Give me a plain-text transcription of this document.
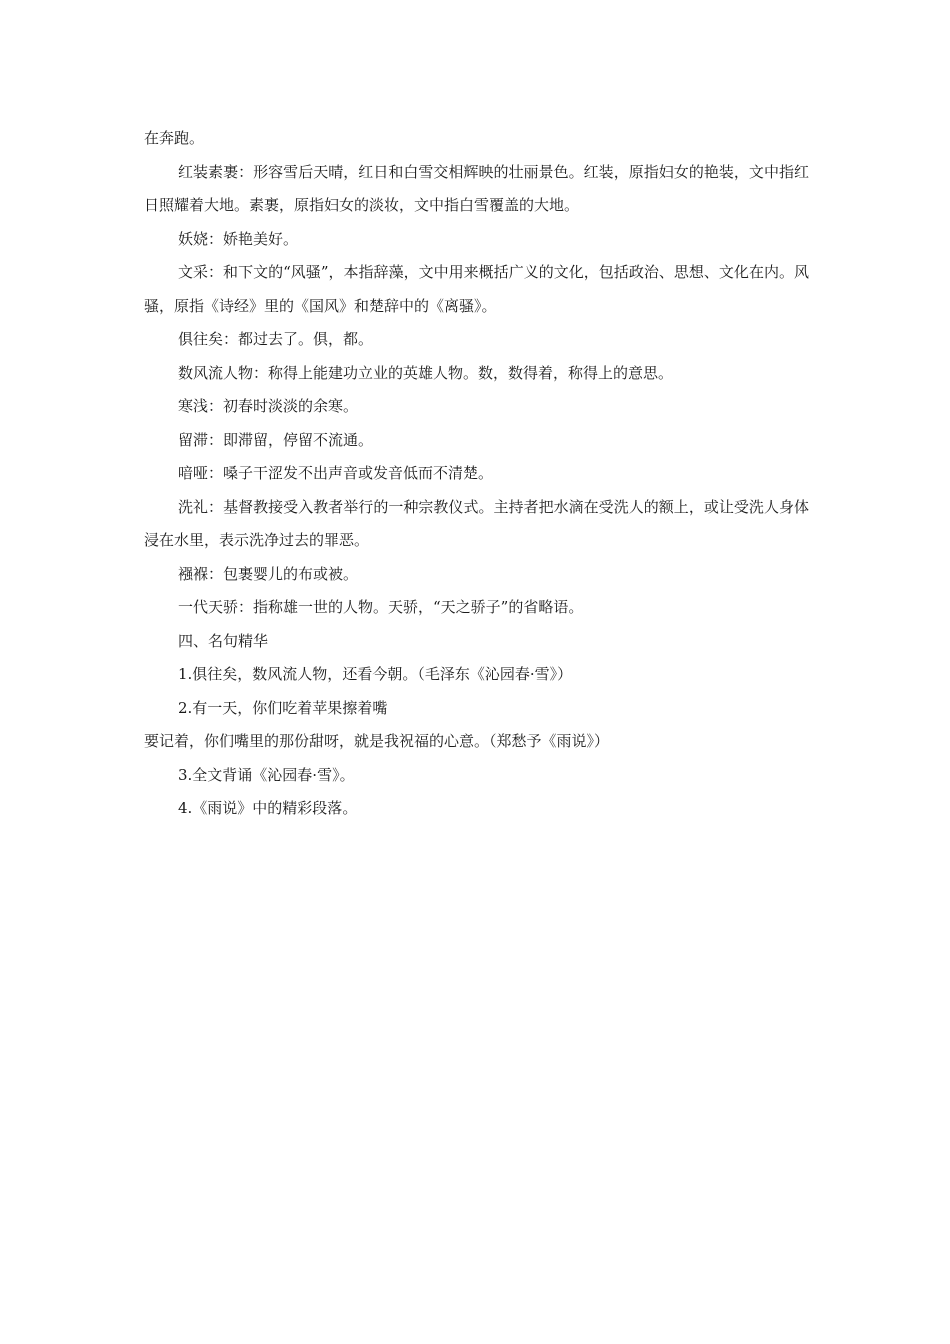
在奔跑。

红装素裹：形容雪后天晴，红日和白雪交相辉映的壮丽景色。红装，原指妇女的艳装，文中指红日照耀着大地。素裹，原指妇女的淡妆，文中指白雪覆盖的大地。

妖娆：娇艳美好。

文采：和下文的“风骚”，本指辞藻，文中用来概括广义的文化，包括政治、思想、文化在内。风骚，原指《诗经》里的《国风》和楚辞中的《离骚》。

俱往矣：都过去了。俱，都。

数风流人物：称得上能建功立业的英雄人物。数，数得着，称得上的意思。

寒浅：初春时淡淡的余寒。

留滞：即滞留，停留不流通。

喑哑：嗓子干涩发不出声音或发音低而不清楚。

洗礼：基督教接受入教者举行的一种宗教仪式。主持者把水滴在受洗人的额上，或让受洗人身体浸在水里，表示洗净过去的罪恶。

襁褓：包裹婴儿的布或被。

一代天骄：指称雄一世的人物。天骄，“天之骄子”的省略语。

四、名句精华

1.俱往矣，数风流人物，还看今朝。（毛泽东《沁园春·雪》）

2.有一天，你们吃着苹果擦着嘴

要记着，你们嘴里的那份甜呀，就是我祝福的心意。（郑愁予《雨说》）

3.全文背诵《沁园春·雪》。

4.《雨说》中的精彩段落。
